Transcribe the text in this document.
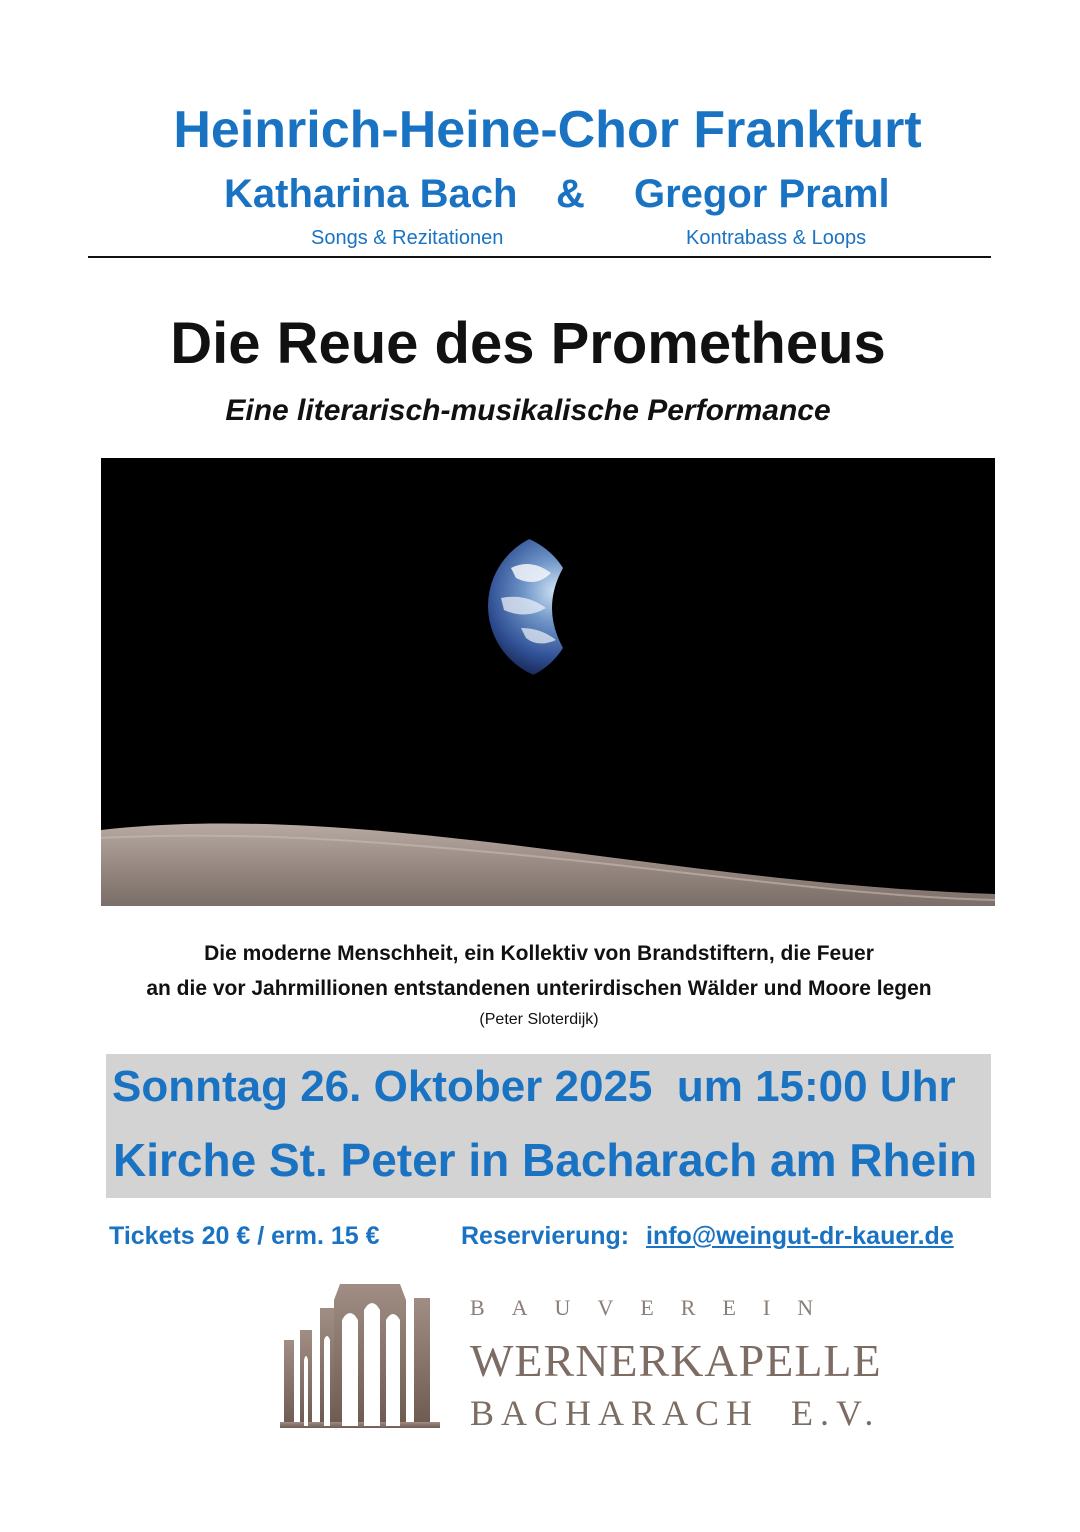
Heinrich-Heine-Chor Frankfurt
Katharina Bach & Gregor Praml
Songs & Rezitationen	Kontrabass & Loops
Die Reue des Prometheus
Eine literarisch-musikalische Performance
Die moderne Menschheit, ein Kollektiv von Brandstiftern, die Feuer
an die vor Jahrmillionen entstandenen unterirdischen Wälder und Moore legen
(Peter Sloterdijk)
Sonntag 26. Oktober 2025  um 15:00 Uhr
Kirche St. Peter in Bacharach am Rhein
Tickets 20 € / erm. 15 €	Reservierung: info@weingut-dr-kauer.de
BAUVEREIN
WERNERKAPELLE
BACHARACH  E.V.
